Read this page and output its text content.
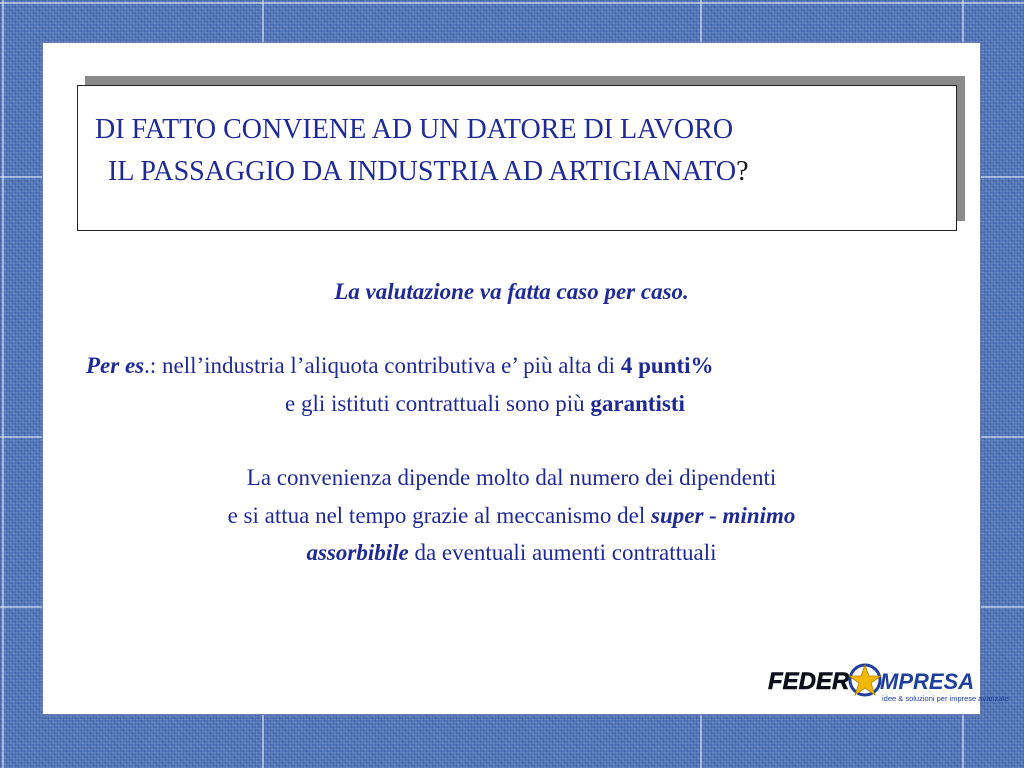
DI FATTO CONVIENE AD UN DATORE DI LAVORO
IL PASSAGGIO DA INDUSTRIA AD ARTIGIANATO?
La valutazione va fatta caso per caso.
Per es.: nell’industria l’aliquota contributiva e’ più alta di 4 punti%
e gli istituti contrattuali sono più garantisti
La convenienza dipende molto dal numero dei dipendenti
e si attua nel tempo grazie al meccanismo del super - minimo
assorbibile da eventuali aumenti contrattuali
FEDER MPRESA
idee & soluzioni per imprese avanzate
